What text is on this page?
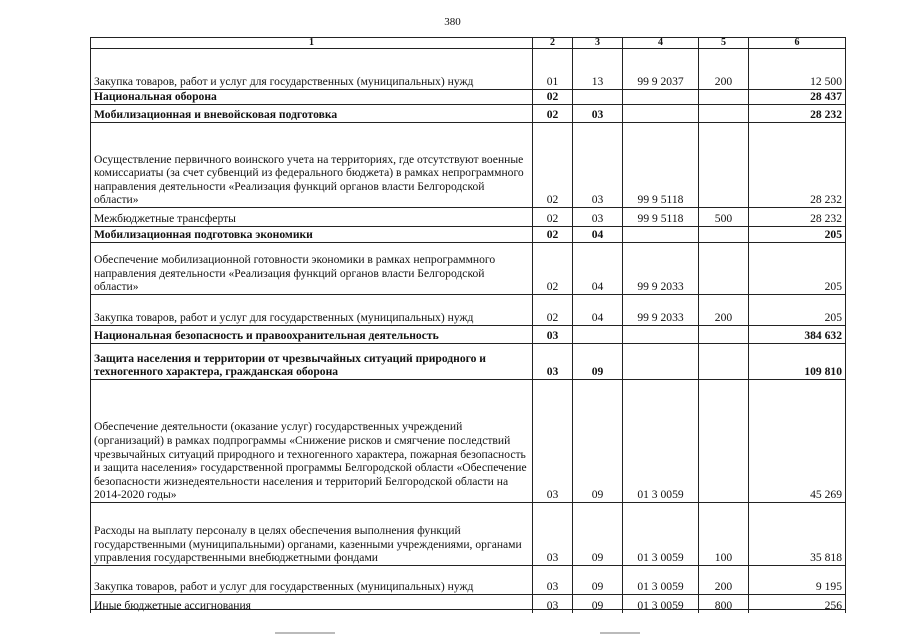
380
1	2	3	4	5	6
Закупка товаров, работ и услуг для государственных (муниципальных) нужд	01	13	99 9 2037	200	12 500
Национальная оборона	02				28 437
Мобилизационная и вневойсковая подготовка	02	03			28 232
Осуществление первичного воинского учета на территориях, где отсутствуют военные комиссариаты (за счет субвенций из федерального бюджета) в рамках непрограммного направления деятельности «Реализация функций органов власти Белгородской области»	02	03	99 9 5118		28 232
Межбюджетные трансферты	02	03	99 9 5118	500	28 232
Мобилизационная подготовка экономики	02	04			205
Обеспечение мобилизационной готовности экономики в рамках непрограммного направления деятельности «Реализация функций органов власти Белгородской области»	02	04	99 9 2033		205
Закупка товаров, работ и услуг для государственных (муниципальных) нужд	02	04	99 9 2033	200	205
Национальная безопасность и правоохранительная деятельность	03				384 632
Защита населения и территории от чрезвычайных ситуаций природного и техногенного характера, гражданская оборона	03	09			109 810
Обеспечение деятельности (оказание услуг) государственных учреждений (организаций) в рамках подпрограммы «Снижение рисков и смягчение последствий чрезвычайных ситуаций природного и техногенного характера, пожарная безопасность и защита населения» государственной программы Белгородской области «Обеспечение безопасности жизнедеятельности населения и территорий Белгородской области на 2014-2020 годы»	03	09	01 3 0059		45 269
Расходы на выплату персоналу в целях обеспечения выполнения функций государственными (муниципальными) органами, казенными учреждениями, органами управления государственными внебюджетными фондами	03	09	01 3 0059	100	35 818
Закупка товаров, работ и услуг для государственных (муниципальных) нужд	03	09	01 3 0059	200	9 195
Иные бюджетные ассигнования	03	09	01 3 0059	800	256
